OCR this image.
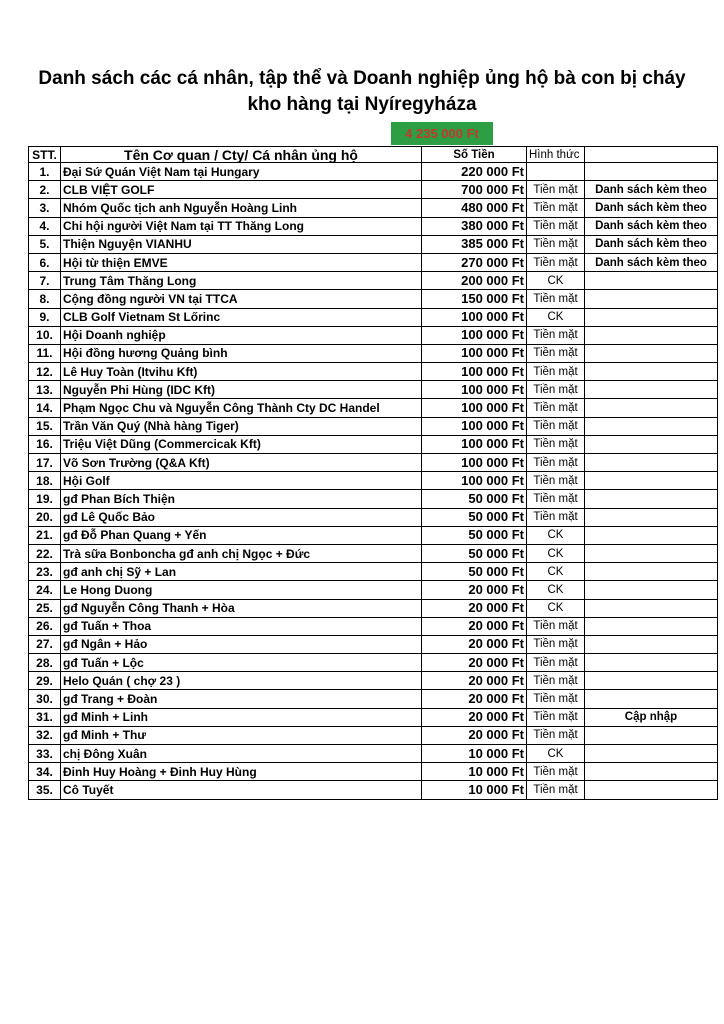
Danh sách các cá nhân, tập thể và Doanh nghiệp ủng hộ bà con bị cháy
kho hàng tại Nyíregyháza
4 235 000 Ft
STT.	Tên Cơ quan / Cty/ Cá nhân ủng hộ	Số Tiền	Hình thức	
1.	Đại Sứ Quán Việt Nam tại Hungary	220 000 Ft		
2.	CLB VIỆT GOLF	700 000 Ft	Tiền mặt	Danh sách kèm theo
3.	Nhóm Quốc tịch anh Nguyễn Hoàng Linh	480 000 Ft	Tiền mặt	Danh sách kèm theo
4.	Chi hội người Việt Nam tại TT Thăng Long	380 000 Ft	Tiền mặt	Danh sách kèm theo
5.	Thiện Nguyện VIANHU	385 000 Ft	Tiền mặt	Danh sách kèm theo
6.	Hội từ thiện EMVE	270 000 Ft	Tiền mặt	Danh sách kèm theo
7.	Trung Tâm Thăng Long	200 000 Ft	CK	
8.	Cộng đồng người VN tại TTCA	150 000 Ft	Tiền mặt	
9.	CLB Golf Vietnam St Lőrinc	100 000 Ft	CK	
10.	Hội Doanh nghiệp	100 000 Ft	Tiền mặt	
11.	Hội đồng hương Quảng bình	100 000 Ft	Tiền mặt	
12.	Lê Huy Toàn (Itvihu Kft)	100 000 Ft	Tiền mặt	
13.	Nguyễn Phi Hùng (IDC Kft)	100 000 Ft	Tiền mặt	
14.	Phạm Ngọc Chu và Nguyễn Công Thành Cty DC Handel	100 000 Ft	Tiền mặt	
15.	Trần Văn Quý (Nhà hàng Tiger)	100 000 Ft	Tiền mặt	
16.	Triệu Việt Dũng (Commercicak Kft)	100 000 Ft	Tiền mặt	
17.	Võ Sơn Trường (Q&A Kft)	100 000 Ft	Tiền mặt	
18.	Hội Golf	100 000 Ft	Tiền mặt	
19.	gđ Phan Bích Thiện	50 000 Ft	Tiền mặt	
20.	gđ Lê Quốc Bảo	50 000 Ft	Tiền mặt	
21.	gđ Đỗ Phan Quang + Yến	50 000 Ft	CK	
22.	Trà sữa Bonboncha gđ anh chị Ngọc + Đức	50 000 Ft	CK	
23.	gđ anh chị Sỹ + Lan	50 000 Ft	CK	
24.	Le Hong Duong	20 000 Ft	CK	
25.	gđ Nguyễn Công Thanh + Hòa	20 000 Ft	CK	
26.	gđ Tuấn + Thoa	20 000 Ft	Tiền mặt	
27.	gđ Ngân + Hảo	20 000 Ft	Tiền mặt	
28.	gđ Tuấn + Lộc	20 000 Ft	Tiền mặt	
29.	Helo Quán ( chợ 23 )	20 000 Ft	Tiền mặt	
30.	gđ Trang + Đoàn	20 000 Ft	Tiền mặt	
31.	gđ Minh + Linh	20 000 Ft	Tiền mặt	Cập nhập
32.	gđ Minh + Thư	20 000 Ft	Tiền mặt	
33.	chị Đông Xuân	10 000 Ft	CK	
34.	Đinh Huy Hoàng + Đinh Huy Hùng	10 000 Ft	Tiền mặt	
35.	Cô Tuyết	10 000 Ft	Tiền mặt	
